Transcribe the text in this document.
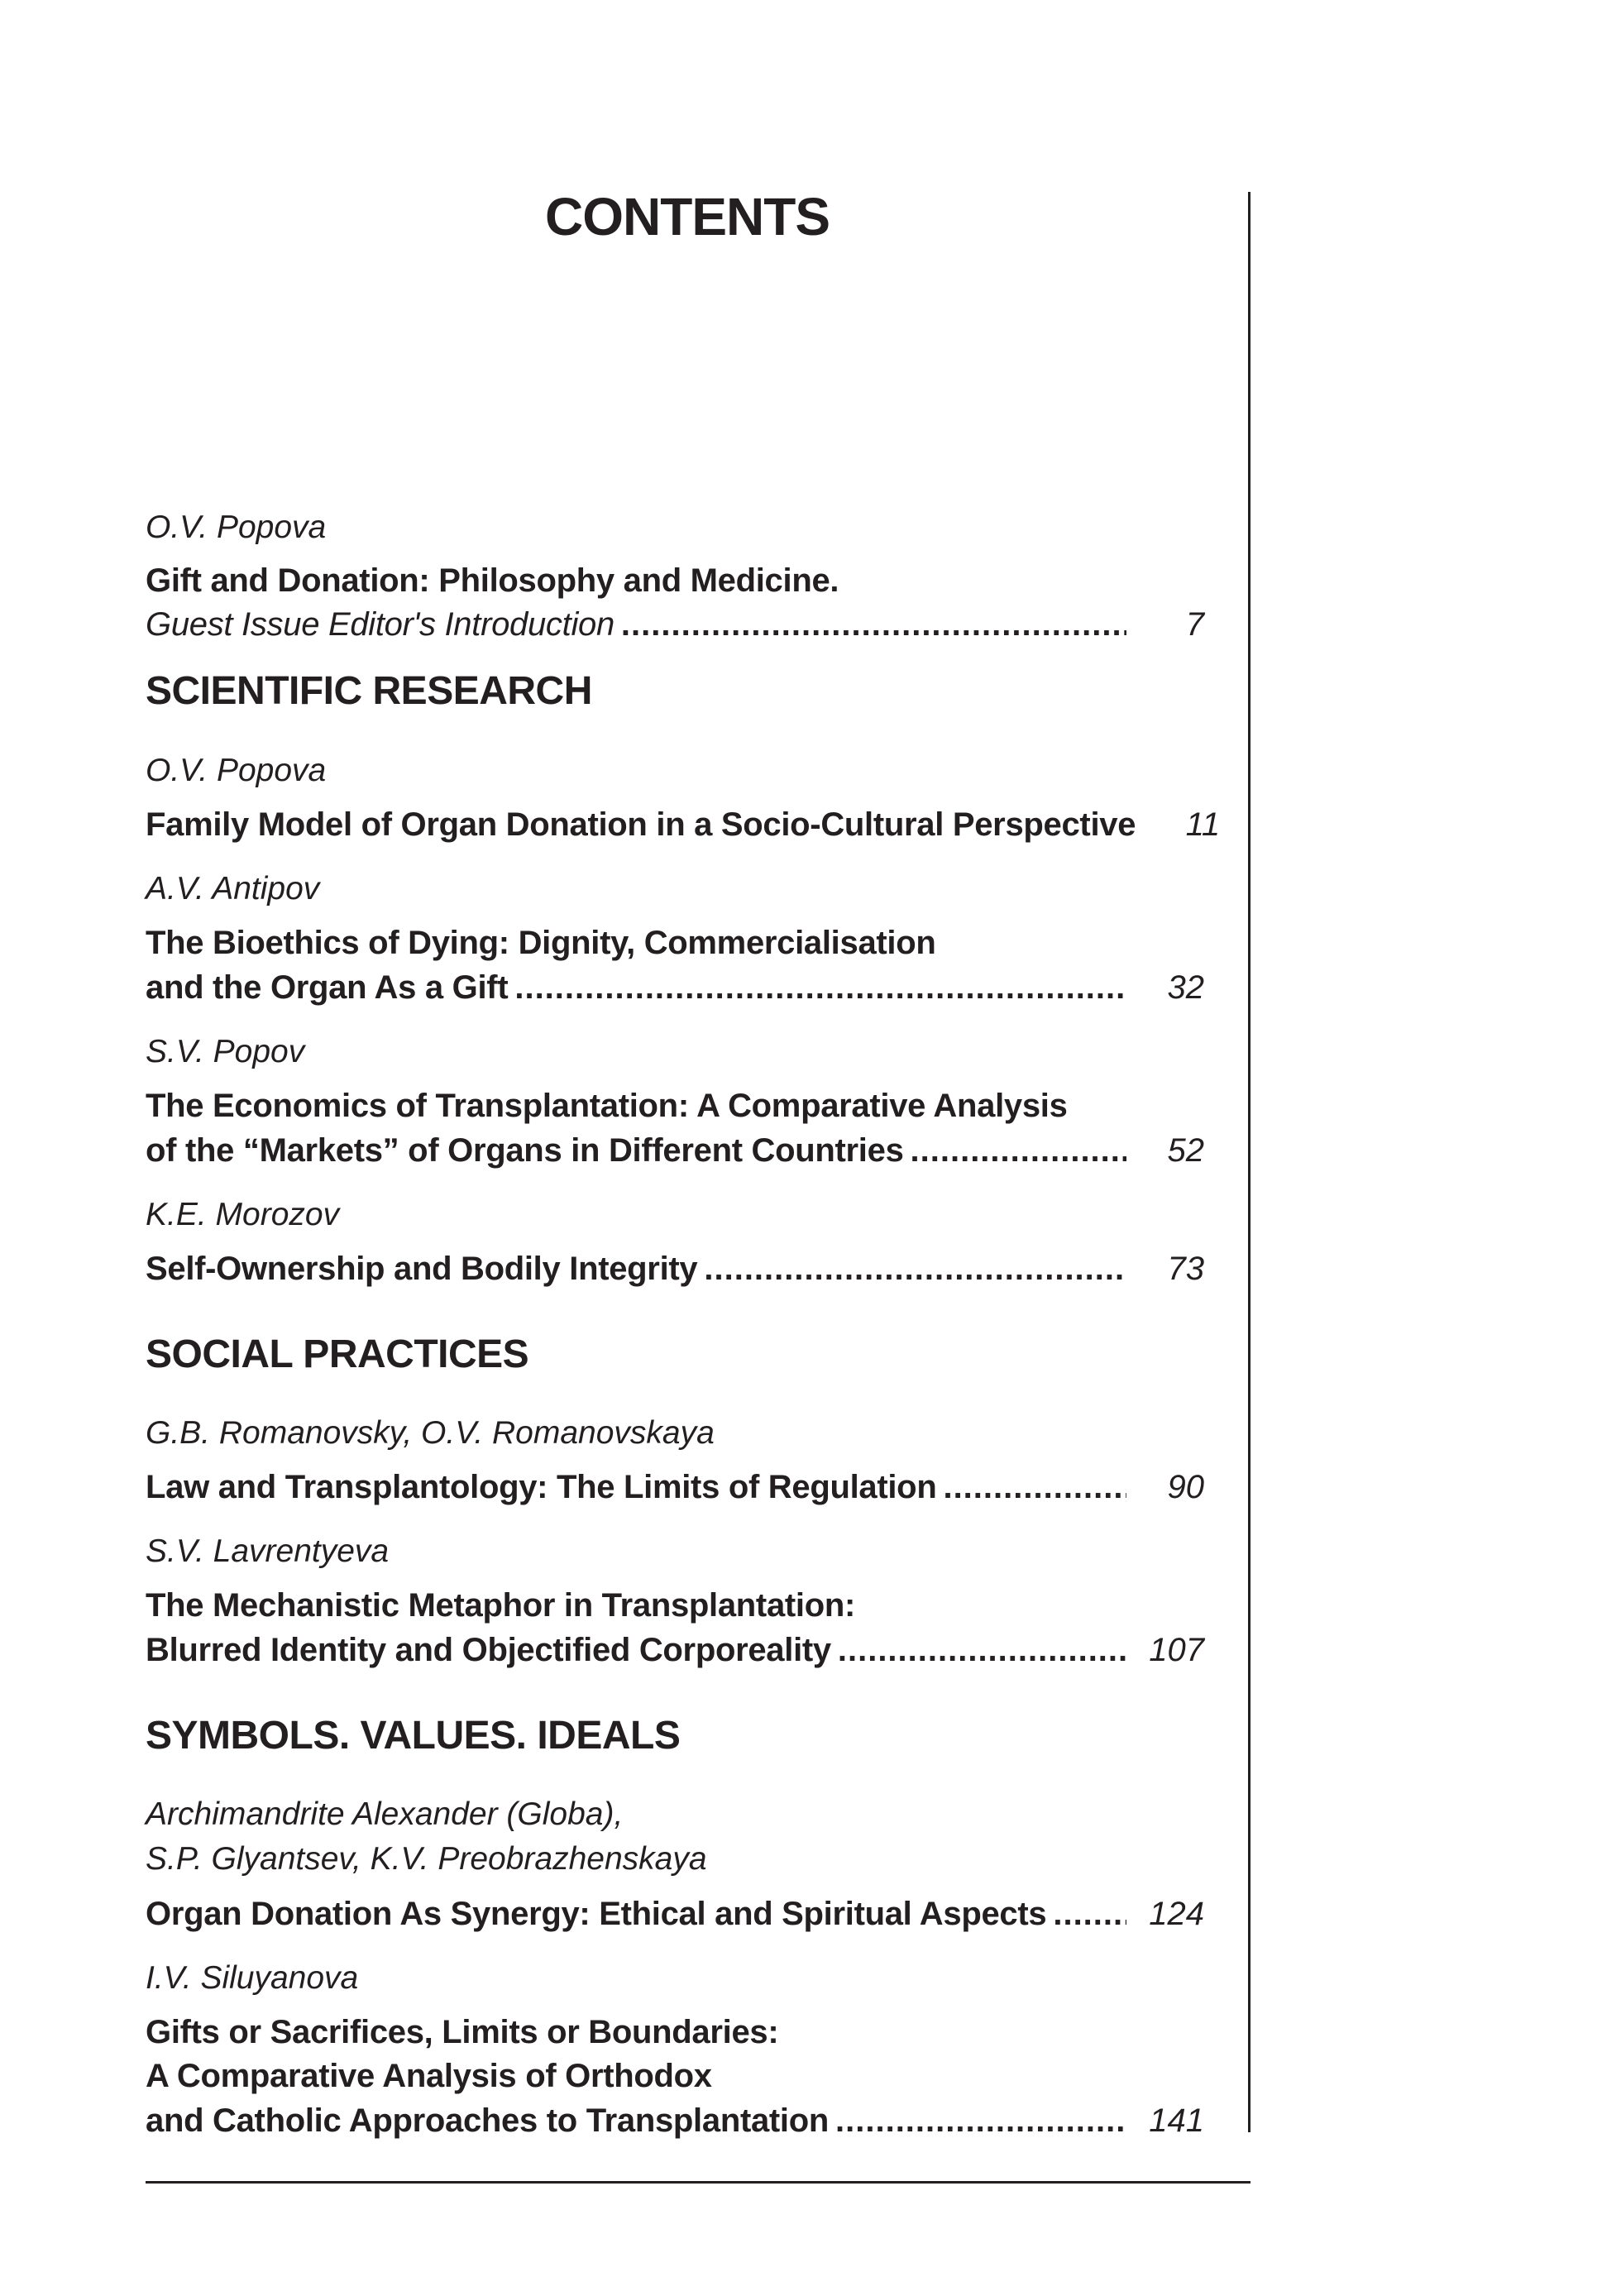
CONTENTS
O.V. Popova
Gift and Donation: Philosophy and Medicine.
Guest Issue Editor's Introduction .....	7
SCIENTIFIC RESEARCH
O.V. Popova
Family Model of Organ Donation in a Socio-Cultural Perspective	11
A.V. Antipov
The Bioethics of Dying: Dignity, Commercialisation
and the Organ As a Gift .....	32
S.V. Popov
The Economics of Transplantation: A Comparative Analysis
of the “Markets” of Organs in Different Countries .....	52
K.E. Morozov
Self-Ownership and Bodily Integrity .....	73
SOCIAL PRACTICES
G.B. Romanovsky, O.V. Romanovskaya
Law and Transplantology: The Limits of Regulation .....	90
S.V. Lavrentyeva
The Mechanistic Metaphor in Transplantation:
Blurred Identity and Objectified Corporeality .....	107
SYMBOLS. VALUES. IDEALS
Archimandrite Alexander (Globa),
S.P. Glyantsev, K.V. Preobrazhenskaya
Organ Donation As Synergy: Ethical and Spiritual Aspects .....	124
I.V. Siluyanova
Gifts or Sacrifices, Limits or Boundaries:
A Comparative Analysis of Orthodox
and Catholic Approaches to Transplantation .....	141
